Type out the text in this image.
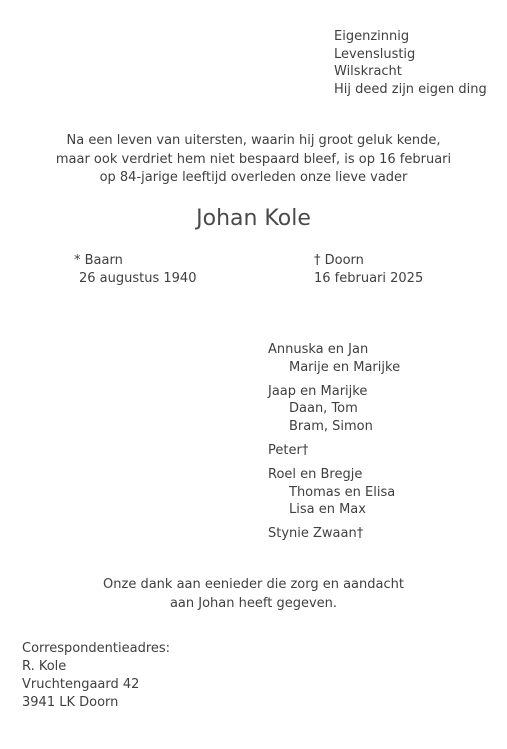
Eigenzinnig
Levenslustig
Wilskracht
Hij deed zijn eigen ding
Na een leven van uitersten, waarin hij groot geluk kende,
maar ook verdriet hem niet bespaard bleef, is op 16 februari
op 84-jarige leeftijd overleden onze lieve vader
Johan Kole
* Baarn
26 augustus 1940
† Doorn
16 februari 2025
Annuska en Jan
Marije en Marijke
Jaap en Marijke
Daan, Tom
Bram, Simon
Peter†
Roel en Bregje
Thomas en Elisa
Lisa en Max
Stynie Zwaan†
Onze dank aan eenieder die zorg en aandacht
aan Johan heeft gegeven.
Correspondentieadres:
R. Kole
Vruchtengaard 42
3941 LK Doorn
